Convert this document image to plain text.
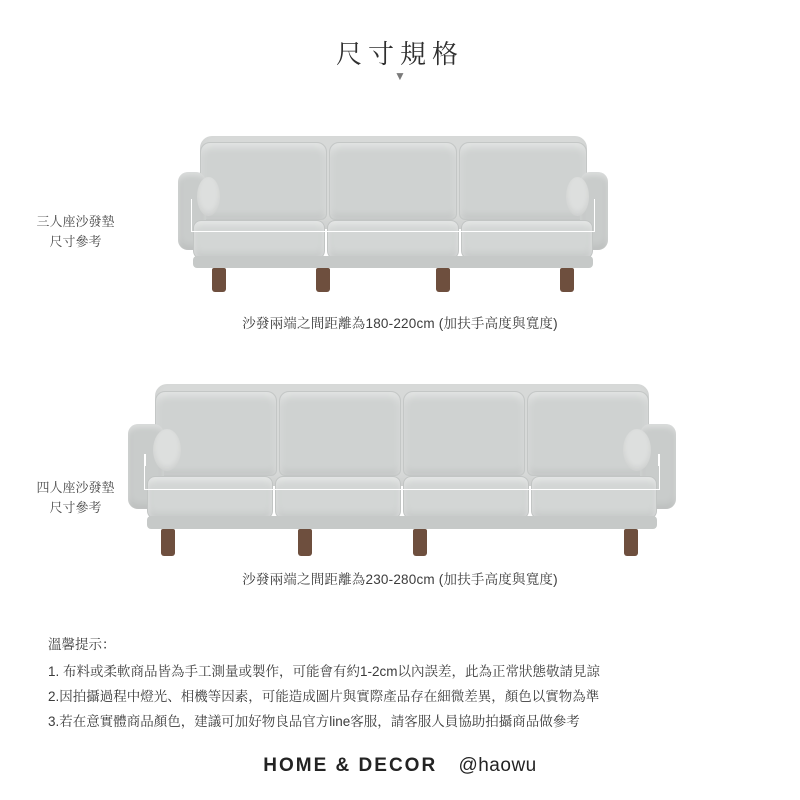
尺寸規格
▼
三人座沙發墊
尺寸參考
沙發兩端之間距離為180-220cm (加扶手高度與寬度)
四人座沙發墊
尺寸參考
沙發兩端之間距離為230-280cm (加扶手高度與寬度)
溫馨提示：
1. 布料或柔軟商品皆為手工測量或製作，可能會有約1-2cm以內誤差，此為正常狀態敬請見諒
2.因拍攝過程中燈光、相機等因素，可能造成圖片與實際產品存在細微差異，顏色以實物為準
3.若在意實體商品顏色，建議可加好物良品官方line客服，請客服人員協助拍攝商品做參考
HOME & DECOR @haowu
